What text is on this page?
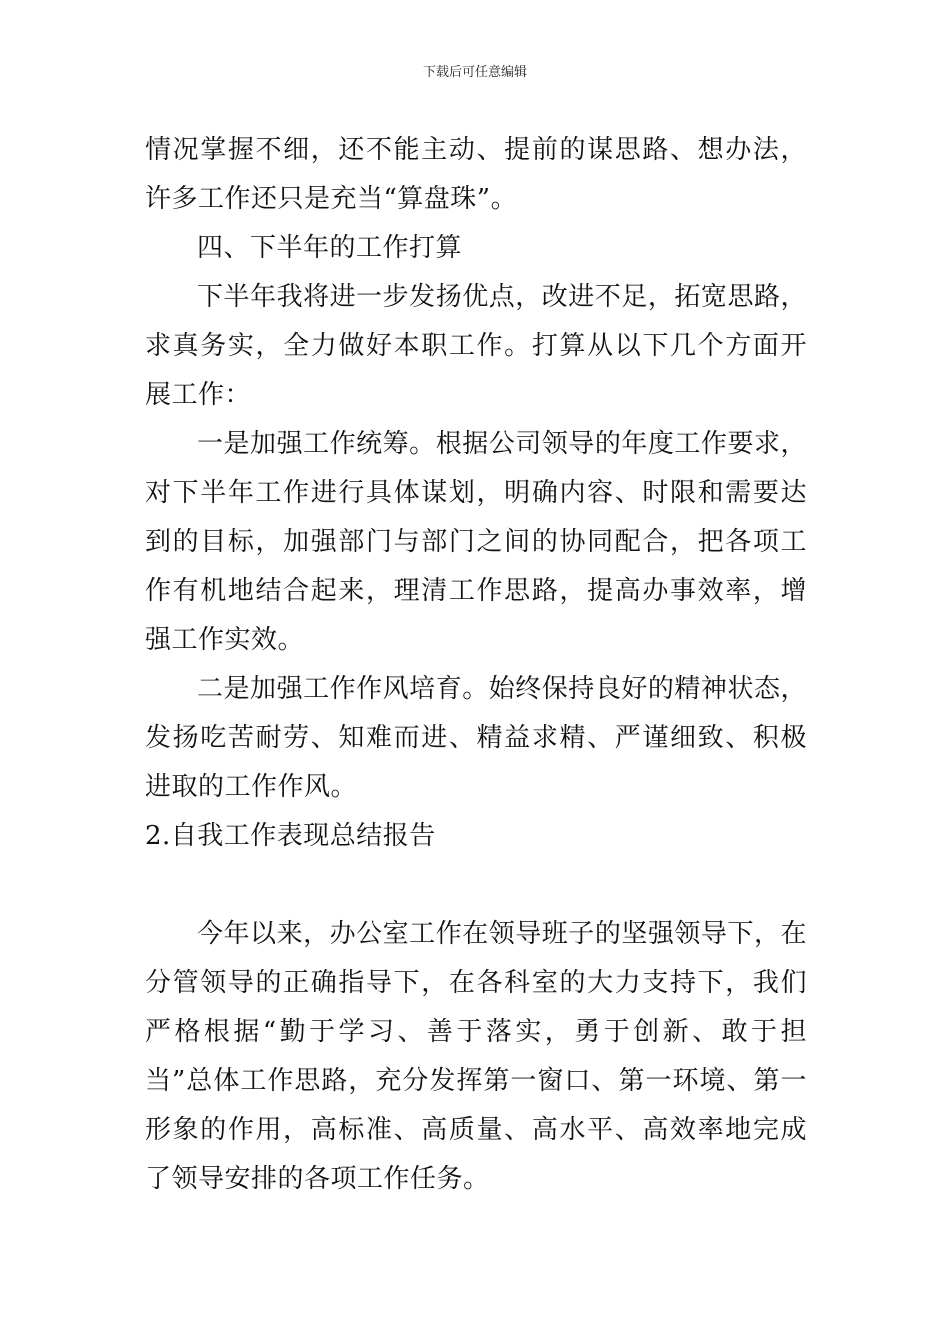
下载后可任意编辑

情况掌握不细，还不能主动、提前的谋思路、想办法，许多工作还只是充当“算盘珠”。

四、下半年的工作打算

下半年我将进一步发扬优点，改进不足，拓宽思路，求真务实，全力做好本职工作。打算从以下几个方面开展工作：

一是加强工作统筹。根据公司领导的年度工作要求，对下半年工作进行具体谋划，明确内容、时限和需要达到的目标，加强部门与部门之间的协同配合，把各项工作有机地结合起来，理清工作思路，提高办事效率，增强工作实效。

二是加强工作作风培育。始终保持良好的精神状态，发扬吃苦耐劳、知难而进、精益求精、严谨细致、积极进取的工作作风。

2.自我工作表现总结报告

今年以来，办公室工作在领导班子的坚强领导下，在分管领导的正确指导下，在各科室的大力支持下，我们严格根据“勤于学习、善于落实，勇于创新、敢于担当”总体工作思路，充分发挥第一窗口、第一环境、第一形象的作用，高标准、高质量、高水平、高效率地完成了领导安排的各项工作任务。
